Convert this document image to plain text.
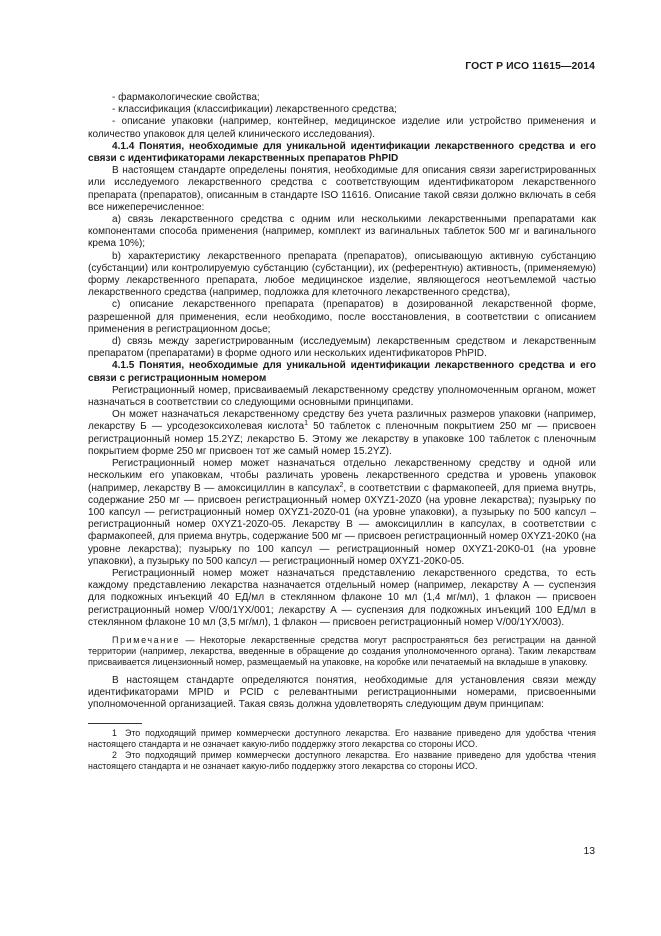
ГОСТ Р ИСО 11615—2014

- фармакологические свойства;

- классификация (классификации) лекарственного средства;

- описание упаковки (например, контейнер, медицинское изделие или устройство применения и количество упаковок для целей клинического исследования).

4.1.4 Понятия, необходимые для уникальной идентификации лекарственного средства и его связи с идентификаторами лекарственных препаратов PhPID

В настоящем стандарте определены понятия, необходимые для описания связи зарегистрированных или исследуемого лекарственного средства с соответствующим идентификатором лекарственного препарата (препаратов), описанным в стандарте ISO 11616. Описание такой связи должно включать в себя все нижеперечисленное:

a) связь лекарственного средства с одним или несколькими лекарственными препаратами как компонентами способа применения (например, комплект из вагинальных таблеток 500 мг и вагинального крема 10%);

b) характеристику лекарственного препарата (препаратов), описывающую активную субстанцию (субстанции) или контролируемую субстанцию (субстанции), их (референтную) активность, (применяемую) форму лекарственного препарата, любое медицинское изделие, являющегося неотъемлемой частью лекарственного средства (например, подложка для клеточного лекарственного средства),

c) описание лекарственного препарата (препаратов) в дозированной лекарственной форме, разрешенной для применения, если необходимо, после восстановления, в соответствии с описанием применения в регистрационном досье;

d) связь между зарегистрированным (исследуемым) лекарственным средством и лекарственным препаратом (препаратами) в форме одного или нескольких идентификаторов PhPID.

4.1.5 Понятия, необходимые для уникальной идентификации лекарственного средства и его связи с регистрационным номером

Регистрационный номер, присваиваемый лекарственному средству уполномоченным органом, может назначаться в соответствии со следующими основными принципами.

Он может назначаться лекарственному средству без учета различных размеров упаковки (например, лекарству Б — урсодезоксихолевая кислота$^1$ 50 таблеток с пленочным покрытием 250 мг — присвоен регистрационный номер 15.2YZ; лекарство Б. Этому же лекарству в упаковке 100 таблеток с пленочным покрытием форме 250 мг присвоен тот же самый номер 15.2YZ).

Регистрационный номер может назначаться отдельно лекарственному средству и одной или нескольким его упаковкам, чтобы различать уровень лекарственного средства и уровень упаковок (например, лекарству В — амоксициллин в капсулах$^2$, в соответствии с фармакопеей, для приема внутрь, содержание 250 мг — присвоен регистрационный номер 0XYZ1-20Z0 (на уровне лекарства); пузырьку по 100 капсул — регистрационный номер 0XYZ1-20Z0-01 (на уровне упаковки), а пузырьку по 500 капсул – регистрационный номер 0XYZ1-20Z0-05. Лекарству В — амоксициллин в капсулах, в соответствии с фармакопеей, для приема внутрь, содержание 500 мг — присвоен регистрационный номер 0XYZ1-20K0 (на уровне лекарства); пузырьку по 100 капсул — регистрационный номер 0XYZ1-20K0-01 (на уровне упаковки), а пузырьку по 500 капсул — регистрационный номер 0XYZ1-20K0-05.

Регистрационный номер может назначаться представлению лекарственного средства, то есть каждому представлению лекарства назначается отдельный номер (например, лекарству А — суспензия для подкожных инъекций 40 ЕД/мл в стеклянном флаконе 10 мл (1,4 мг/мл), 1 флакон — присвоен регистрационный номер V/00/1YX/001; лекарству А — суспензия для подкожных инъекций 100 ЕД/мл в стеклянном флаконе 10 мл (3,5 мг/мл), 1 флакон — присвоен регистрационный номер V/00/1YX/003).

Примечание — Некоторые лекарственные средства могут распространяться без регистрации на данной территории (например, лекарства, введенные в обращение до создания уполномоченного органа). Таким лекарствам присваивается лицензионный номер, размещаемый на упаковке, на коробке или печатаемый на вкладыше в упаковку.

В настоящем стандарте определяются понятия, необходимые для установления связи между идентификаторами MPID и PCID с релевантными регистрационными номерами, присвоенными уполномоченной организацией. Такая связь должна удовлетворять следующим двум принципам:

1 Это подходящий пример коммерчески доступного лекарства. Его название приведено для удобства чтения настоящего стандарта и не означает какую-либо поддержку этого лекарства со стороны ИСО.

2 Это подходящий пример коммерчески доступного лекарства. Его название приведено для удобства чтения настоящего стандарта и не означает какую-либо поддержку этого лекарства со стороны ИСО.

13
